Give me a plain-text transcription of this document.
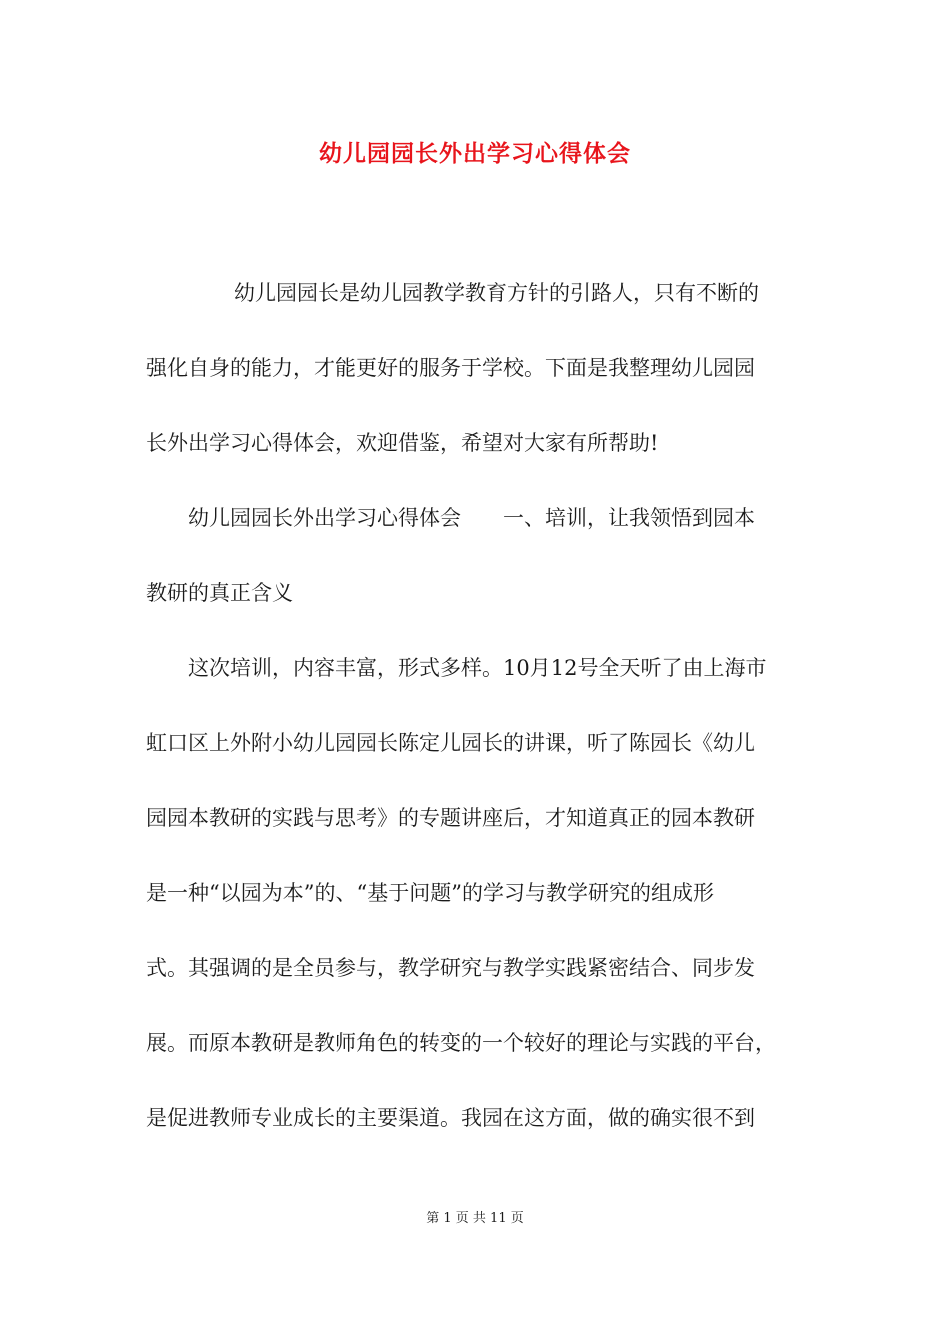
幼儿园园长外出学习心得体会
幼儿园园长是幼儿园教学教育方针的引路人，只有不断的
强化自身的能力，才能更好的服务于学校。下面是我整理幼儿园园
长外出学习心得体会，欢迎借鉴，希望对大家有所帮助!
幼儿园园长外出学习心得体会　　一、培训，让我领悟到园本
教研的真正含义
这次培训，内容丰富，形式多样。10月12号全天听了由上海市
虹口区上外附小幼儿园园长陈定儿园长的讲课，听了陈园长《幼儿
园园本教研的实践与思考》的专题讲座后，才知道真正的园本教研
是一种“以园为本”的、“基于问题”的学习与教学研究的组成形
式。其强调的是全员参与，教学研究与教学实践紧密结合、同步发
展。而原本教研是教师角色的转变的一个较好的理论与实践的平台，
是促进教师专业成长的主要渠道。我园在这方面，做的确实很不到
第 1 页 共 11 页
